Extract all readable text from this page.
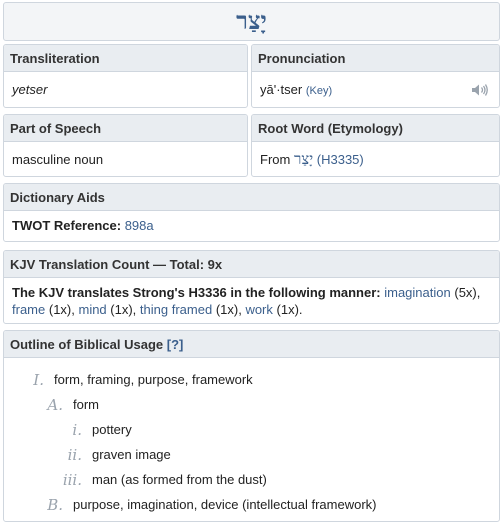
יָצַר
Transliteration
yetser
Pronunciation
yā'·tser (Key)
Part of Speech
masculine noun
Root Word (Etymology)
From יָצַר (H3335)
Dictionary Aids
TWOT Reference: 898a
KJV Translation Count — Total: 9x
The KJV translates Strong's H3336 in the following manner: imagination (5x), frame (1x), mind (1x), thing framed (1x), work (1x).
Outline of Biblical Usage [?]
I. form, framing, purpose, framework
A. form
i. pottery
ii. graven image
iii. man (as formed from the dust)
B. purpose, imagination, device (intellectual framework)
